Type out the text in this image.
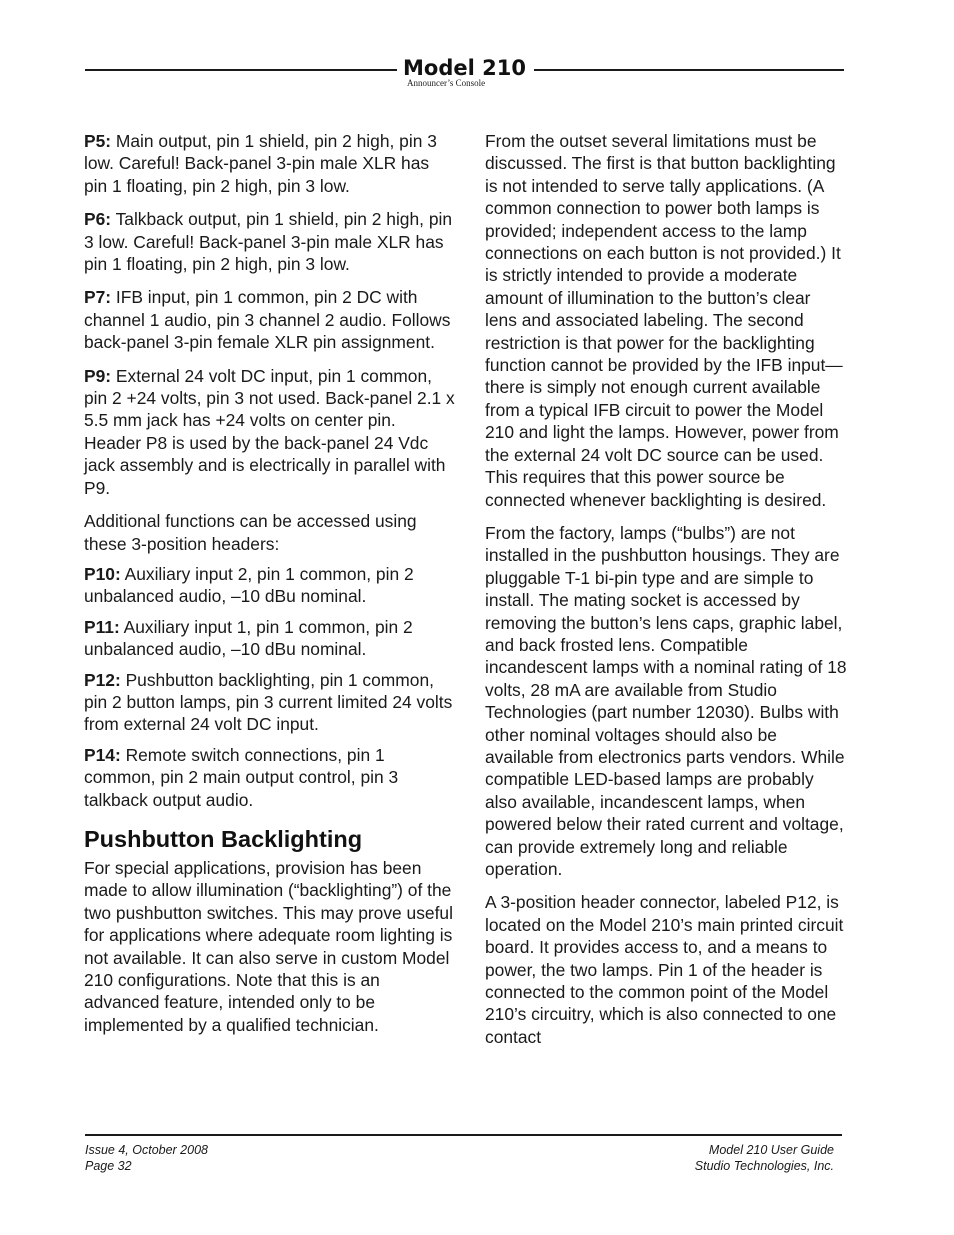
Model 210
Announcer’s Console

P5: Main output, pin 1 shield, pin 2 high, pin 3 low. Careful! Back-panel 3-pin male XLR has pin 1 floating, pin 2 high, pin 3 low.

P6: Talkback output, pin 1 shield, pin 2 high, pin 3 low. Careful! Back-panel 3-pin male XLR has pin 1 floating, pin 2 high, pin 3 low.

P7: IFB input, pin 1 common, pin 2 DC with channel 1 audio, pin 3 channel 2 audio. Follows back-panel 3-pin female XLR pin assignment.

P9: External 24 volt DC input, pin 1 common, pin 2 +24 volts, pin 3 not used. Back-panel 2.1 x 5.5 mm jack has +24 volts on center pin. Header P8 is used by the back-panel 24 Vdc jack assembly and is electrically in parallel with P9.

Additional functions can be accessed using these 3-position headers:

P10: Auxiliary input 2, pin 1 common, pin 2 unbalanced audio, –10 dBu nominal.

P11: Auxiliary input 1, pin 1 common, pin 2 unbalanced audio, –10 dBu nominal.

P12: Pushbutton backlighting, pin 1 common, pin 2 button lamps, pin 3 current limited 24 volts from external 24 volt DC input.

P14: Remote switch connections, pin 1 common, pin 2 main output control, pin 3 talkback output audio.

Pushbutton Backlighting

For special applications, provision has been made to allow illumination (“backlighting”) of the two pushbutton switches. This may prove useful for applications where adequate room lighting is not available. It can also serve in custom Model 210 configurations. Note that this is an advanced feature, intended only to be implemented by a qualified technician.

From the outset several limitations must be discussed. The first is that button backlighting is not intended to serve tally applications. (A common connection to power both lamps is provided; independent access to the lamp connections on each button is not provided.) It is strictly intended to provide a moderate amount of illumination to the button’s clear lens and associated labeling. The second restriction is that power for the backlighting function cannot be provided by the IFB input—there is simply not enough current available from a typical IFB circuit to power the Model 210 and light the lamps. However, power from the external 24 volt DC source can be used. This requires that this power source be connected whenever backlighting is desired.

From the factory, lamps (“bulbs”) are not installed in the pushbutton housings. They are pluggable T-1 bi-pin type and are simple to install. The mating socket is accessed by removing the button’s lens caps, graphic label, and back frosted lens. Compatible incandescent lamps with a nominal rating of 18 volts, 28 mA are available from Studio Technologies (part number 12030). Bulbs with other nominal voltages should also be available from electronics parts vendors. While compatible LED-based lamps are probably also available, incandescent lamps, when powered below their rated current and voltage, can provide extremely long and reliable operation.

A 3-position header connector, labeled P12, is located on the Model 210’s main printed circuit board. It provides access to, and a means to power, the two lamps. Pin 1 of the header is connected to the common point of the Model 210’s circuitry, which is also connected to one contact

Issue 4, October 2008
Page 32
Model 210 User Guide
Studio Technologies, Inc.
